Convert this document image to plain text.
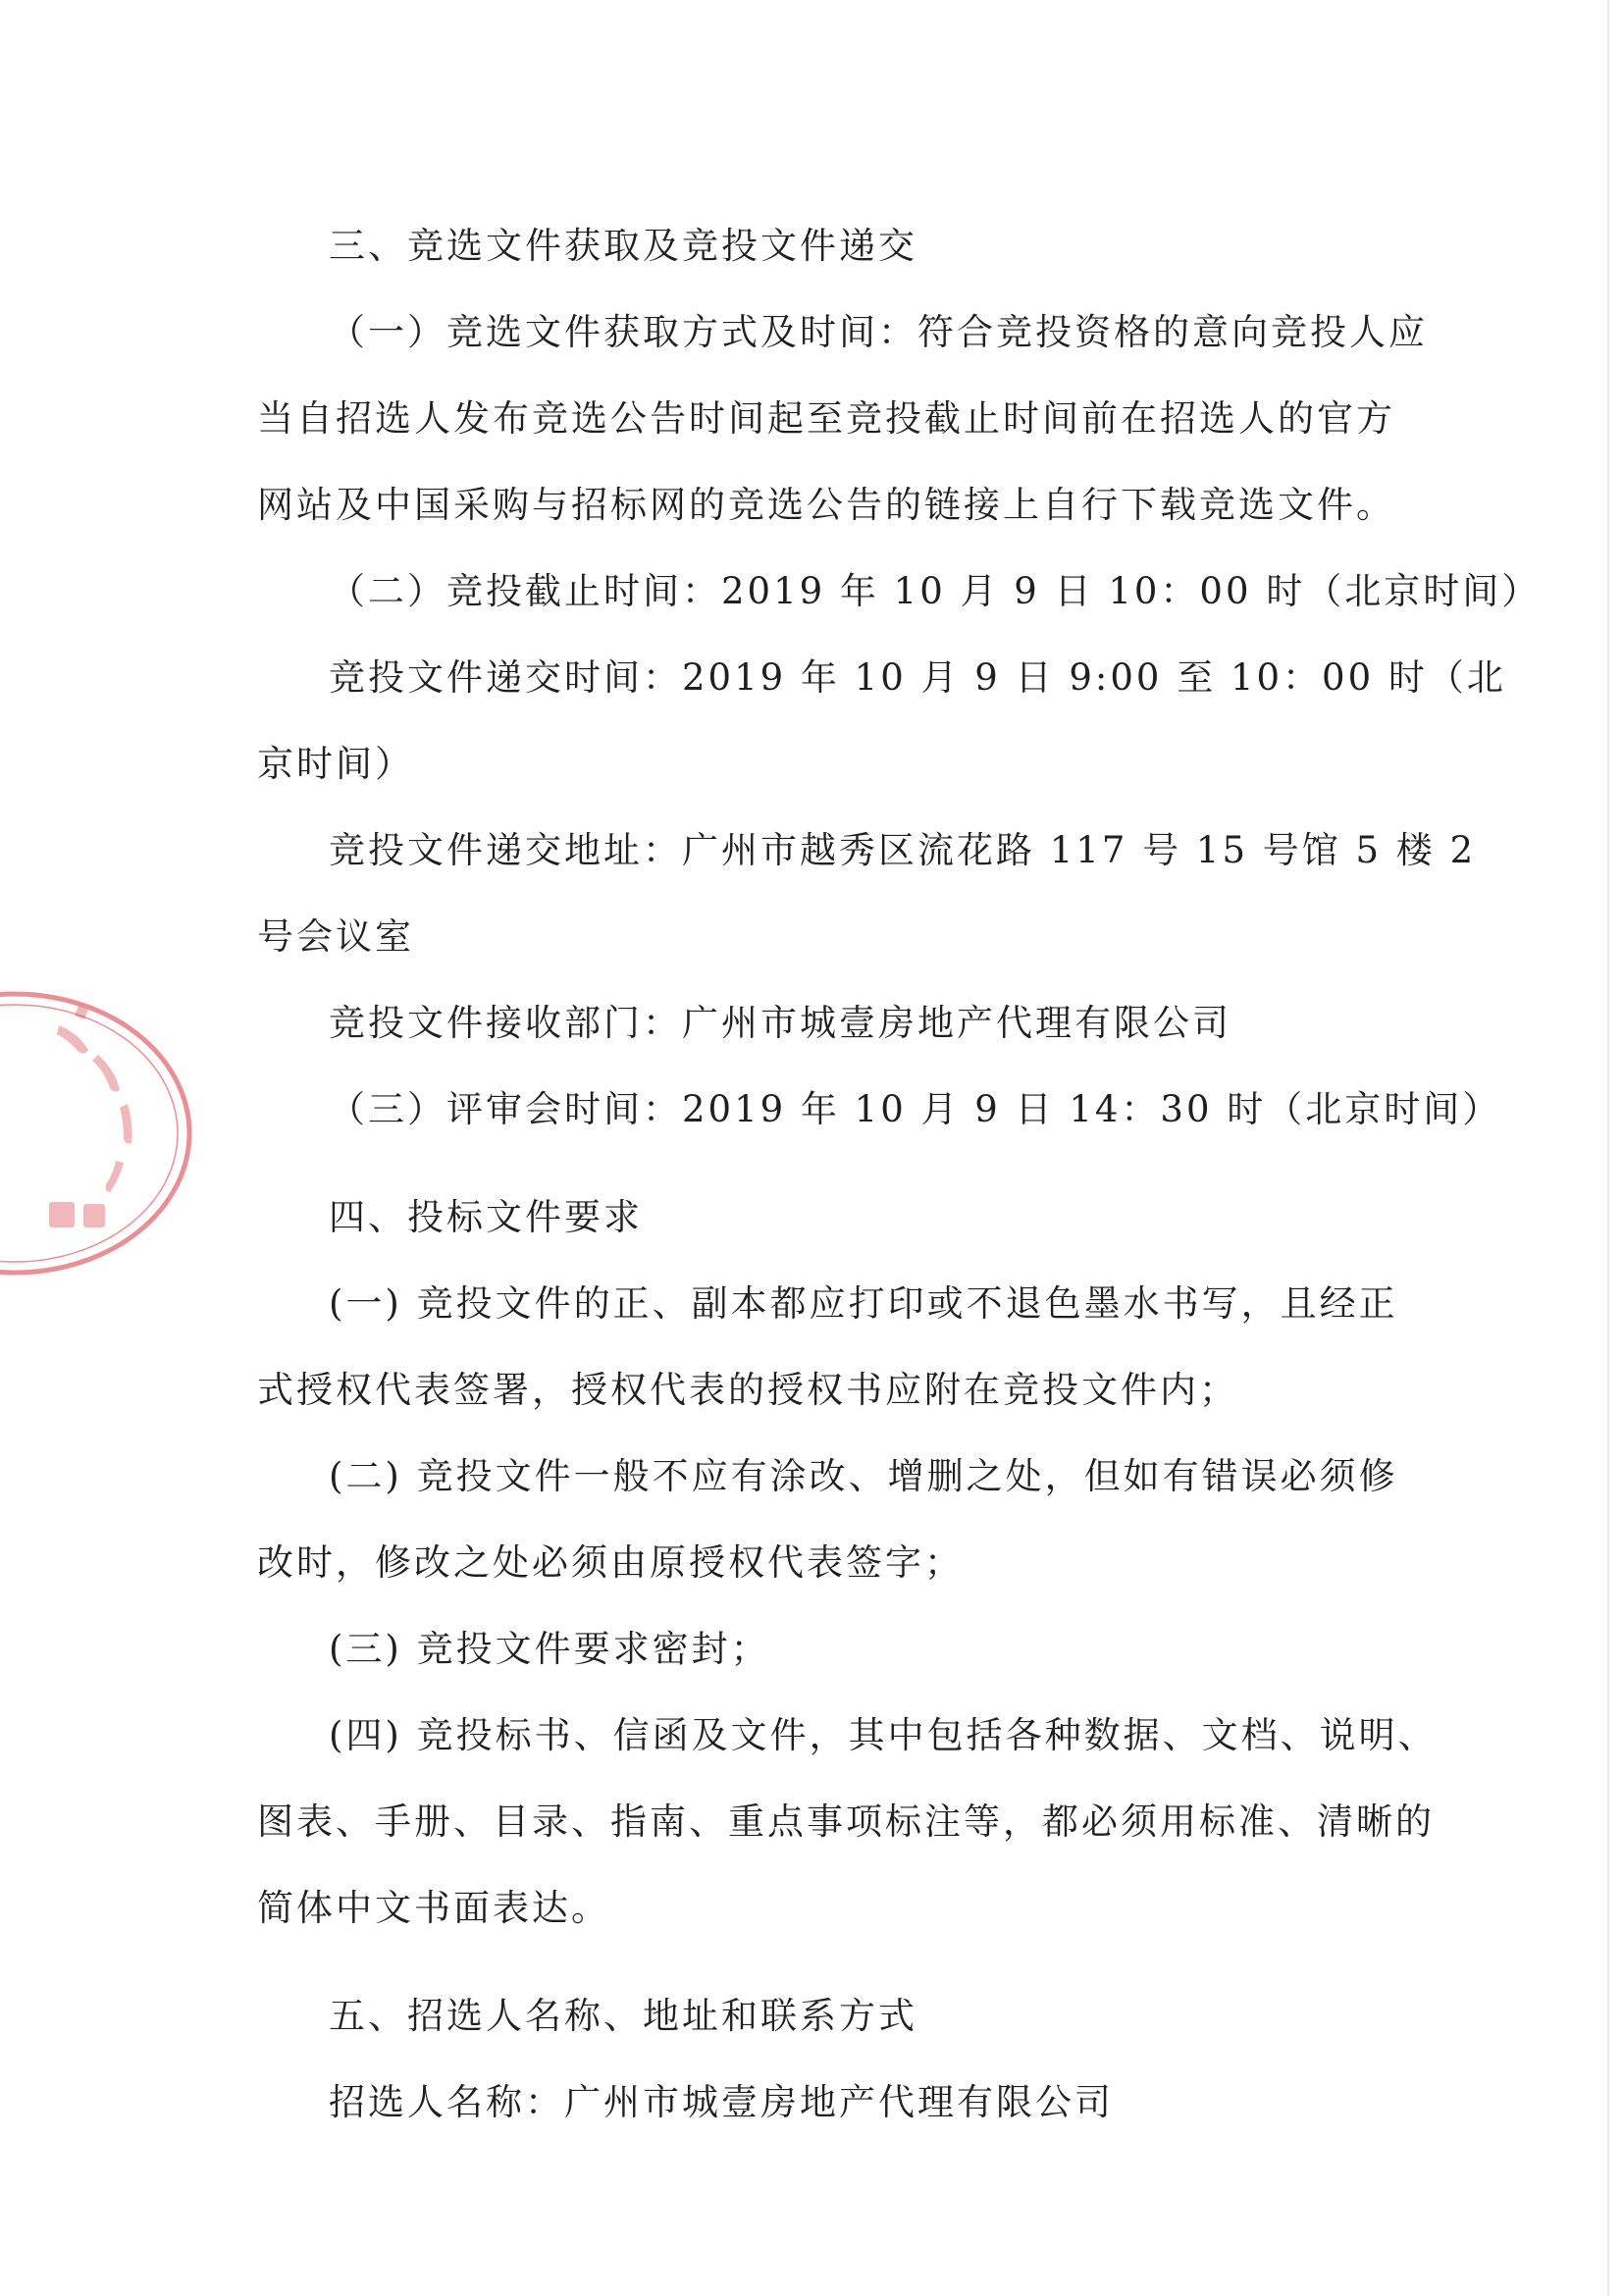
三、竞选文件获取及竞投文件递交
（一）竞选文件获取方式及时间：符合竞投资格的意向竞投人应
当自招选人发布竞选公告时间起至竞投截止时间前在招选人的官方
网站及中国采购与招标网的竞选公告的链接上自行下载竞选文件。
（二）竞投截止时间：2019 年 10 月 9 日 10：00 时（北京时间）
竞投文件递交时间：2019 年 10 月 9 日 9:00 至 10：00 时（北
京时间）
竞投文件递交地址：广州市越秀区流花路 117 号 15 号馆 5 楼 2
号会议室
竞投文件接收部门：广州市城壹房地产代理有限公司
（三）评审会时间：2019 年 10 月 9 日 14：30 时（北京时间）
四、投标文件要求
(一) 竞投文件的正、副本都应打印或不退色墨水书写，且经正
式授权代表签署，授权代表的授权书应附在竞投文件内；
(二) 竞投文件一般不应有涂改、增删之处，但如有错误必须修
改时，修改之处必须由原授权代表签字；
(三) 竞投文件要求密封；
(四) 竞投标书、信函及文件，其中包括各种数据、文档、说明、
图表、手册、目录、指南、重点事项标注等，都必须用标准、清晰的
简体中文书面表达。
五、招选人名称、地址和联系方式
招选人名称：广州市城壹房地产代理有限公司
